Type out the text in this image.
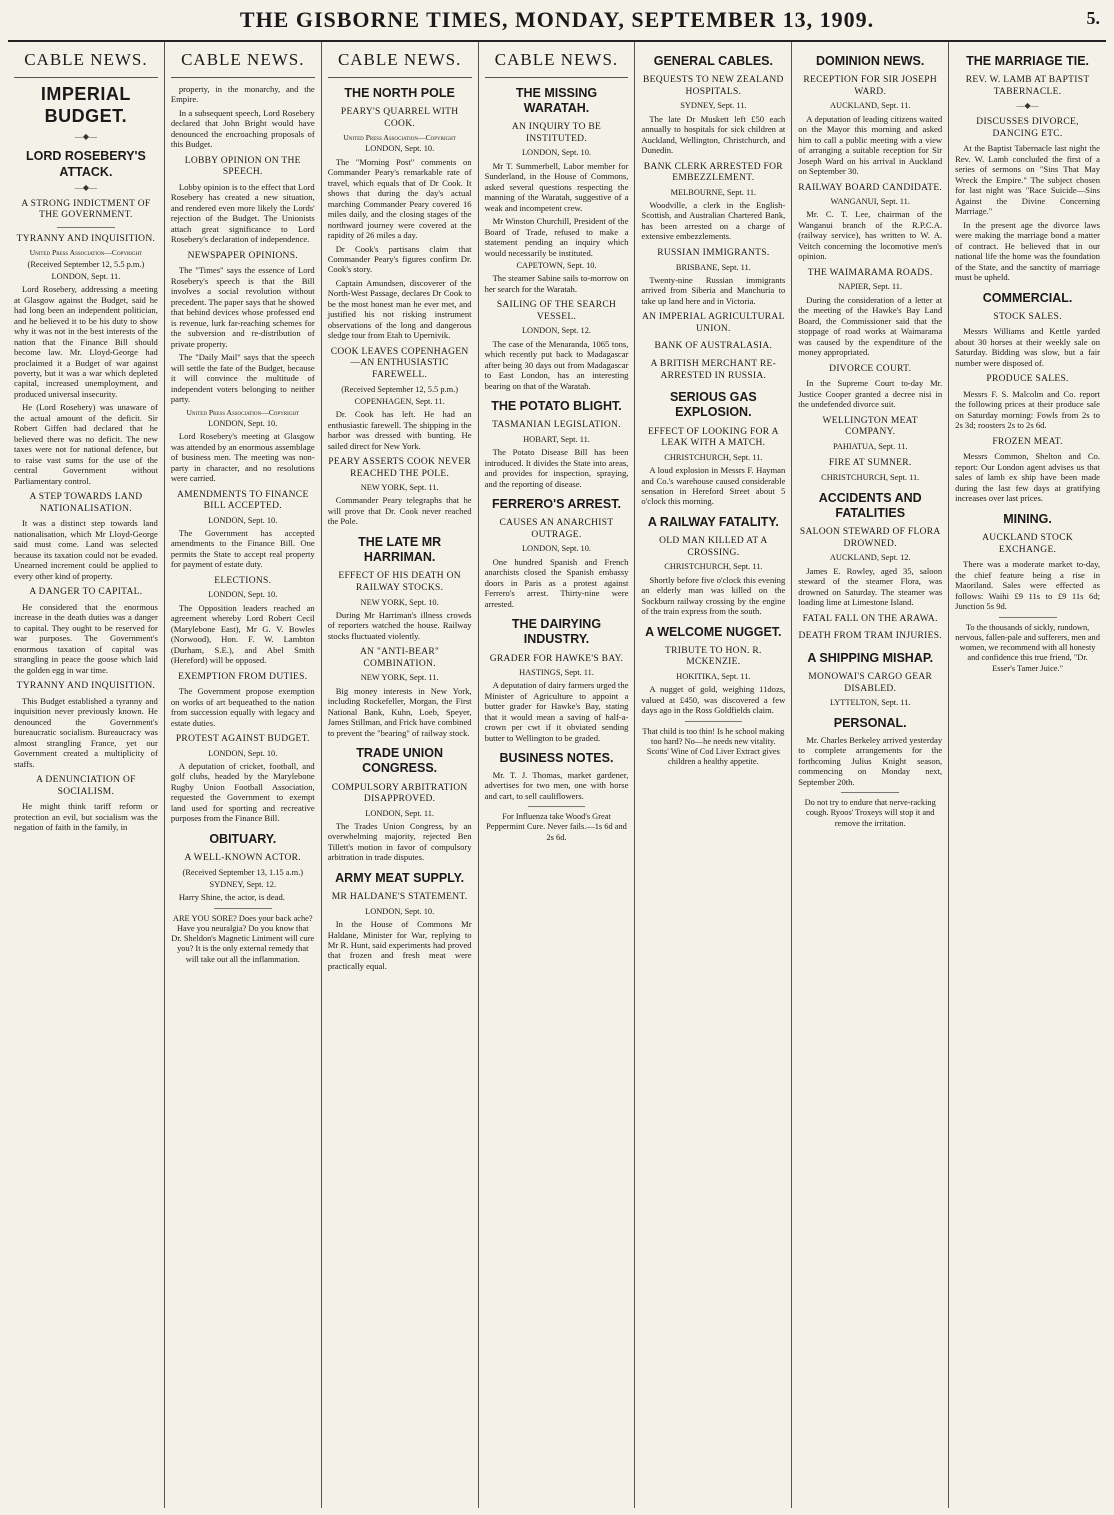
THE GISBORNE TIMES, MONDAY, SEPTEMBER 13, 1909.	5.
CABLE NEWS.
IMPERIAL BUDGET.
—◆—
LORD ROSEBERY'S ATTACK.
—◆—
A STRONG INDICTMENT OF THE GOVERNMENT.
TYRANNY AND INQUISITION.
United Press Association—Copyright
(Received September 12, 5.5 p.m.)
LONDON, Sept. 11.

Lord Rosebery, addressing a meeting at Glasgow against the Budget, said he had long been an independent politician, and he believed it to be his duty to show why it was not in the best interests of the nation that the Finance Bill should become law. Mr. Lloyd-George had proclaimed it a Budget of war against poverty, but it was a war which depleted capital, increased unemployment, and produced universal insecurity.

He (Lord Rosebery) was unaware of the actual amount of the deficit. Sir Robert Giffen had declared that he believed there was no deficit. The new taxes were not for national defence, but to raise vast sums for the use of the central Government without Parliamentary control.

A STEP TOWARDS LAND NATIONALISATION.

It was a distinct step towards land nationalisation, which Mr Lloyd-George said must come. Land was selected because its taxation could not be evaded. Unearned increment could be applied to every other kind of property.

A DANGER TO CAPITAL.

He considered that the enormous increase in the death duties was a danger to capital. They ought to be reserved for war purposes. The Government's enormous taxation of capital was strangling in peace the goose which laid the golden egg in war time.

TYRANNY AND INQUISITION.

This Budget established a tyranny and inquisition never previously known. He denounced the Government's bureaucratic socialism. Bureaucracy was almost strangling France, yet our Government created a multiplicity of staffs.

A DENUNCIATION OF SOCIALISM.

He might think tariff reform or protection an evil, but socialism was the negation of faith in the family, in

CABLE NEWS.

property, in the monarchy, and the Empire.

In a subsequent speech, Lord Rosebery declared that John Bright would have denounced the encroaching proposals of this Budget.

LOBBY OPINION ON THE SPEECH.

Lobby opinion is to the effect that Lord Rosebery has created a new situation, and rendered even more likely the Lords' rejection of the Budget. The Unionists attach great significance to Lord Rosebery's declaration of independence.

NEWSPAPER OPINIONS.

The "Times" says the essence of Lord Rosebery's speech is that the Bill involves a social revolution without precedent. The paper says that he showed that behind devices whose professed end is revenue, lurk far-reaching schemes for the subversion and re-distribution of private property.

The "Daily Mail" says that the speech will settle the fate of the Budget, because it will convince the multitude of independent voters belonging to neither party.

United Press Association—Copyright
LONDON, Sept. 10.

Lord Rosebery's meeting at Glasgow was attended by an enormous assemblage of business men. The meeting was non-party in character, and no resolutions were carried.

AMENDMENTS TO FINANCE BILL ACCEPTED.
LONDON, Sept. 10.

The Government has accepted amendments to the Finance Bill. One permits the State to accept real property for payment of estate duty.

ELECTIONS.
LONDON, Sept. 10.

The Opposition leaders reached an agreement whereby Lord Robert Cecil (Marylebone East), Mr G. V. Bowles (Norwood), Hon. F. W. Lambton (Durham, S.E.), and Abel Smith (Hereford) will be opposed.

EXEMPTION FROM DUTIES.

The Government propose exemption on works of art bequeathed to the nation from succession equally with legacy and estate duties.

PROTEST AGAINST BUDGET.
LONDON, Sept. 10.

A deputation of cricket, football, and golf clubs, headed by the Marylebone Rugby Union Football Association, requested the Government to exempt land used for sporting and recreative purposes from the Finance Bill.

OBITUARY.
A WELL-KNOWN ACTOR.
(Received September 13, 1.15 a.m.)
SYDNEY, Sept. 12.

Harry Shine, the actor, is dead.

ARE YOU SORE? Does your back ache? Have you neuralgia? Do you know that Dr. Sheldon's Magnetic Liniment will cure you? It is the only external remedy that will take out all the inflammation.
CABLE NEWS.
THE NORTH POLE
PEARY'S QUARREL WITH COOK.
United Press Association—Copyright
LONDON, Sept. 10.

The "Morning Post" comments on Commander Peary's remarkable rate of travel, which equals that of Dr Cook. It shows that during the day's actual marching Commander Peary covered 16 miles daily, and the closing stages of the northward journey were covered at the rapidity of 26 miles a day.

Dr Cook's partisans claim that Commander Peary's figures confirm Dr. Cook's story.

Captain Amundsen, discoverer of the North-West Passage, declares Dr Cook to be the most honest man he ever met, and justified his not risking instrument observations of the long and dangerous sledge tour from Etah to Upernivik.

COOK LEAVES COPENHAGEN—AN ENTHUSIASTIC FAREWELL.
(Received September 12, 5.5 p.m.)
COPENHAGEN, Sept. 11.

Dr. Cook has left. He had an enthusiastic farewell. The shipping in the harbor was dressed with bunting. He sailed direct for New York.

PEARY ASSERTS COOK NEVER REACHED THE POLE.
NEW YORK, Sept. 11.

Commander Peary telegraphs that he will prove that Dr. Cook never reached the Pole.

THE LATE MR HARRIMAN.
EFFECT OF HIS DEATH ON RAILWAY STOCKS.
NEW YORK, Sept. 10.

During Mr Harriman's illness crowds of reporters watched the house. Railway stocks fluctuated violently.

AN "ANTI-BEAR" COMBINATION.
NEW YORK, Sept. 11.

Big money interests in New York, including Rockefeller, Morgan, the First National Bank, Kuhn, Loeb, Speyer, James Stillman, and Frick have combined to prevent the "bearing" of railway stock.

TRADE UNION CONGRESS.
COMPULSORY ARBITRATION DISAPPROVED.
LONDON, Sept. 11.

The Trades Union Congress, by an overwhelming majority, rejected Ben Tillett's motion in favor of compulsory arbitration in trade disputes.

ARMY MEAT SUPPLY.
MR HALDANE'S STATEMENT.
LONDON, Sept. 10.

In the House of Commons Mr Haldane, Minister for War, replying to Mr R. Hunt, said experiments had proved that frozen and fresh meat were practically equal.

CABLE NEWS.
THE MISSING WARATAH.
AN INQUIRY TO BE INSTITUTED.
LONDON, Sept. 10.

Mr T. Summerbell, Labor member for Sunderland, in the House of Commons, asked several questions respecting the manning of the Waratah, suggestive of a weak and incompetent crew.

Mr Winston Churchill, President of the Board of Trade, refused to make a statement pending an inquiry which would necessarily be instituted.

CAPETOWN, Sept. 10.

The steamer Sabine sails to-morrow on her search for the Waratah.

SAILING OF THE SEARCH VESSEL.
LONDON, Sept. 12.

The case of the Menaranda, 1065 tons, which recently put back to Madagascar after being 30 days out from Madagascar to East London, has an interesting bearing on that of the Waratah.

THE POTATO BLIGHT.
TASMANIAN LEGISLATION.
HOBART, Sept. 11.

The Potato Disease Bill has been introduced. It divides the State into areas, and provides for inspection, spraying, and the reporting of disease.

FERRERO'S ARREST.
CAUSES AN ANARCHIST OUTRAGE.
LONDON, Sept. 10.

One hundred Spanish and French anarchists closed the Spanish embassy doors in Paris as a protest against Ferrero's arrest. Thirty-nine were arrested.

THE DAIRYING INDUSTRY.
GRADER FOR HAWKE'S BAY.
HASTINGS, Sept. 11.

A deputation of dairy farmers urged the Minister of Agriculture to appoint a butter grader for Hawke's Bay, stating that it would mean a saving of half-a-crown per cwt if it obviated sending butter to Wellington to be graded.

BUSINESS NOTES.

Mr. T. J. Thomas, market gardener, advertises for two men, one with horse and cart, to sell cauliflowers.

For Influenza take Wood's Great Peppermint Cure. Never fails.—1s 6d and 2s 6d.
GENERAL CABLES.
BEQUESTS TO NEW ZEALAND HOSPITALS.
SYDNEY, Sept. 11.

The late Dr Muskett left £50 each annually to hospitals for sick children at Auckland, Wellington, Christchurch, and Dunedin.

BANK CLERK ARRESTED FOR EMBEZZLEMENT.
MELBOURNE, Sept. 11.

Woodville, a clerk in the English-Scottish, and Australian Chartered Bank, has been arrested on a charge of extensive embezzlements.

RUSSIAN IMMIGRANTS.
BRISBANE, Sept. 11.

Twenty-nine Russian immigrants arrived from Siberia and Manchuria to take up land here and in Victoria.

AN IMPERIAL AGRICULTURAL UNION.
BANK OF AUSTRALASIA.
A BRITISH MERCHANT RE-ARRESTED IN RUSSIA.
SERIOUS GAS EXPLOSION.
EFFECT OF LOOKING FOR A LEAK WITH A MATCH.
CHRISTCHURCH, Sept. 11.

A loud explosion in Messrs F. Hayman and Co.'s warehouse caused considerable sensation in Hereford Street about 5 o'clock this morning.

A RAILWAY FATALITY.
OLD MAN KILLED AT A CROSSING.
CHRISTCHURCH, Sept. 11.

Shortly before five o'clock this evening an elderly man was killed on the Sockburn railway crossing by the engine of the train express from the south.

A WELCOME NUGGET.
TRIBUTE TO HON. R. MCKENZIE.
HOKITIKA, Sept. 11.

A nugget of gold, weighing 11dozs, valued at £450, was discovered a few days ago in the Ross Goldfields claim.

That child is too thin! Is he school making too hard? No—he needs new vitality. Scotts' Wine of Cod Liver Extract gives children a healthy appetite.
DOMINION NEWS.
RECEPTION FOR SIR JOSEPH WARD.
AUCKLAND, Sept. 11.

A deputation of leading citizens waited on the Mayor this morning and asked him to call a public meeting with a view of arranging a suitable reception for Sir Joseph Ward on his arrival in Auckland on September 30.

RAILWAY BOARD CANDIDATE.
WANGANUI, Sept. 11.

Mr. C. T. Lee, chairman of the Wanganui branch of the R.P.C.A. (railway service), has written to W. A. Veitch concerning the locomotive men's opinion.

THE WAIMARAMA ROADS.
NAPIER, Sept. 11.

During the consideration of a letter at the meeting of the Hawke's Bay Land Board, the Commissioner said that the stoppage of road works at Waimarama was caused by the expenditure of the money appropriated.

DIVORCE COURT.

In the Supreme Court to-day Mr. Justice Cooper granted a decree nisi in the undefended divorce suit.

WELLINGTON MEAT COMPANY.
PAHIATUA, Sept. 11.
FIRE AT SUMNER.
CHRISTCHURCH, Sept. 11.
ACCIDENTS AND FATALITIES
SALOON STEWARD OF FLORA DROWNED.
AUCKLAND, Sept. 12.

James E. Rowley, aged 35, saloon steward of the steamer Flora, was drowned on Saturday. The steamer was loading lime at Limestone Island.

FATAL FALL ON THE ARAWA.
DEATH FROM TRAM INJURIES.
A SHIPPING MISHAP.
MONOWAI'S CARGO GEAR DISABLED.
LYTTELTON, Sept. 11.
PERSONAL.

Mr. Charles Berkeley arrived yesterday to complete arrangements for the forthcoming Julius Knight season, commencing on Monday next, September 20th.

Do not try to endure that nerve-racking cough. Ryoos' Troxeys will stop it and remove the irritation.
THE MARRIAGE TIE.
REV. W. LAMB AT BAPTIST TABERNACLE.
—◆—
DISCUSSES DIVORCE, DANCING ETC.

At the Baptist Tabernacle last night the Rev. W. Lamb concluded the first of a series of sermons on "Sins That May Wreck the Empire." The subject chosen for last night was "Race Suicide—Sins Against the Divine Concerning Marriage."

In the present age the divorce laws were making the marriage bond a matter of contract. He believed that in our national life the home was the foundation of the State, and the sanctity of marriage must be upheld.

COMMERCIAL.
STOCK SALES.

Messrs Williams and Kettle yarded about 30 horses at their weekly sale on Saturday. Bidding was slow, but a fair number were disposed of.

PRODUCE SALES.

Messrs F. S. Malcolm and Co. report the following prices at their produce sale on Saturday morning: Fowls from 2s to 2s 3d; roosters 2s to 2s 6d.

FROZEN MEAT.

Messrs Common, Shelton and Co. report: Our London agent advises us that sales of lamb ex ship have been made during the last few days at gratifying increases over last prices.

MINING.
AUCKLAND STOCK EXCHANGE.

There was a moderate market to-day, the chief feature being a rise in Maoriland. Sales were effected as follows: Waihi £9 11s to £9 11s 6d; Junction 5s 9d.

To the thousands of sickly, rundown, nervous, fallen-pale and sufferers, men and women, we recommend with all honesty and confidence this true friend, "Dr. Esser's Tamer Juice."
